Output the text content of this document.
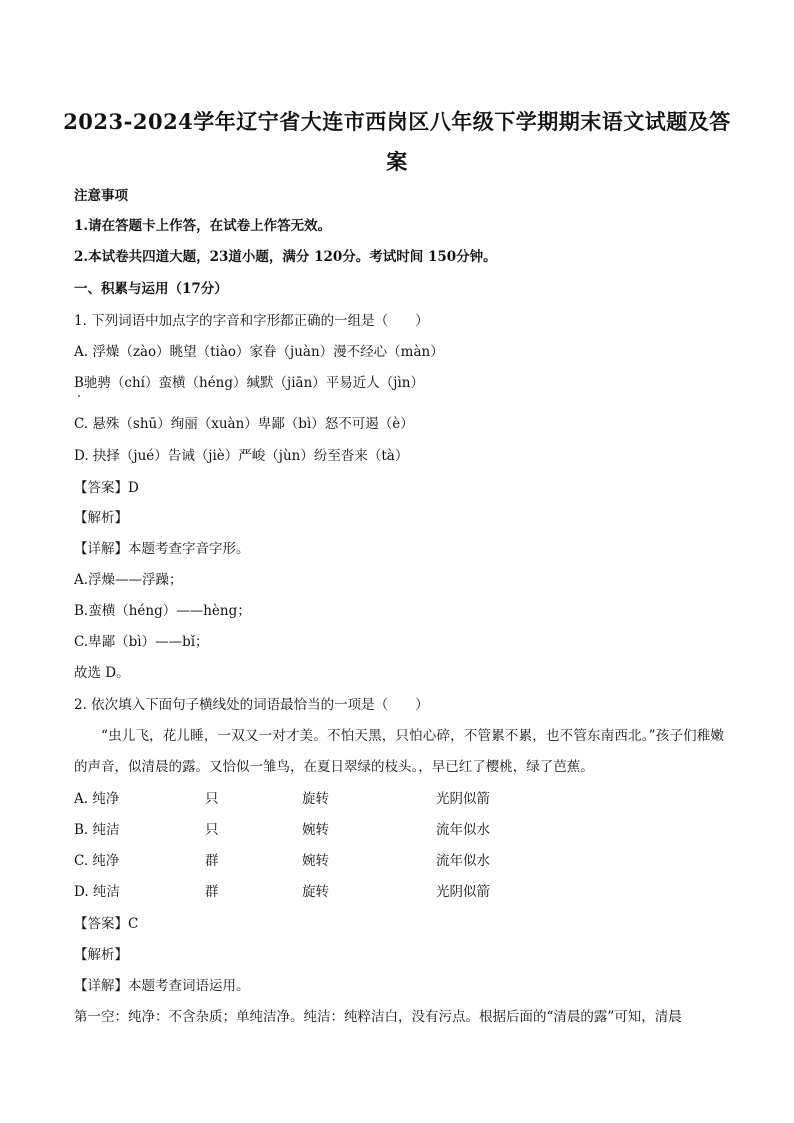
2023-2024学年辽宁省大连市西岗区八年级下学期期末语文试题及答
案
注意事项
1.请在答题卡上作答，在试卷上作答无效。
2.本试卷共四道大题，23道小题，满分 120分。考试时间 150分钟。
一、积累与运用（17分）
1. 下列词语中加点字的字音和字形都正确的一组是（　　）
A. 浮燥（zào）眺望（tiào）家眷（juàn）漫不经心（màn）
B驰骋（chí）蛮横（héng）缄默（jiān）平易近人（jìn）
C. 悬殊（shū）绚丽（xuàn）卑鄙（bì）怒不可遏（è）
D. 抉择（jué）告诫（jiè）严峻（jùn）纷至沓来（tà）
【答案】D
【解析】
【详解】本题考查字音字形。
A.浮燥——浮躁；
B.蛮横（héng）——hèng；
C.卑鄙（bì）——bǐ；
故选 D。
2. 依次填入下面句子横线处的词语最恰当的一项是（　　）
“虫儿飞，花儿睡，一双又一对才美。不怕天黑，只怕心碎，不管累不累，也不管东南西北。”孩子们稚嫩的声音，似清晨的露。又恰似一雏鸟，在夏日翠绿的枝头。，早已红了樱桃，绿了芭蕉。
A. 纯净	只	旋转	光阴似箭
B. 纯洁	只	婉转	流年似水
C. 纯净	群	婉转	流年似水
D. 纯洁	群	旋转	光阴似箭
【答案】C
【解析】
【详解】本题考查词语运用。
第一空：纯净：不含杂质；单纯洁净。纯洁：纯粹洁白，没有污点。根据后面的“清晨的露”可知，清晨
